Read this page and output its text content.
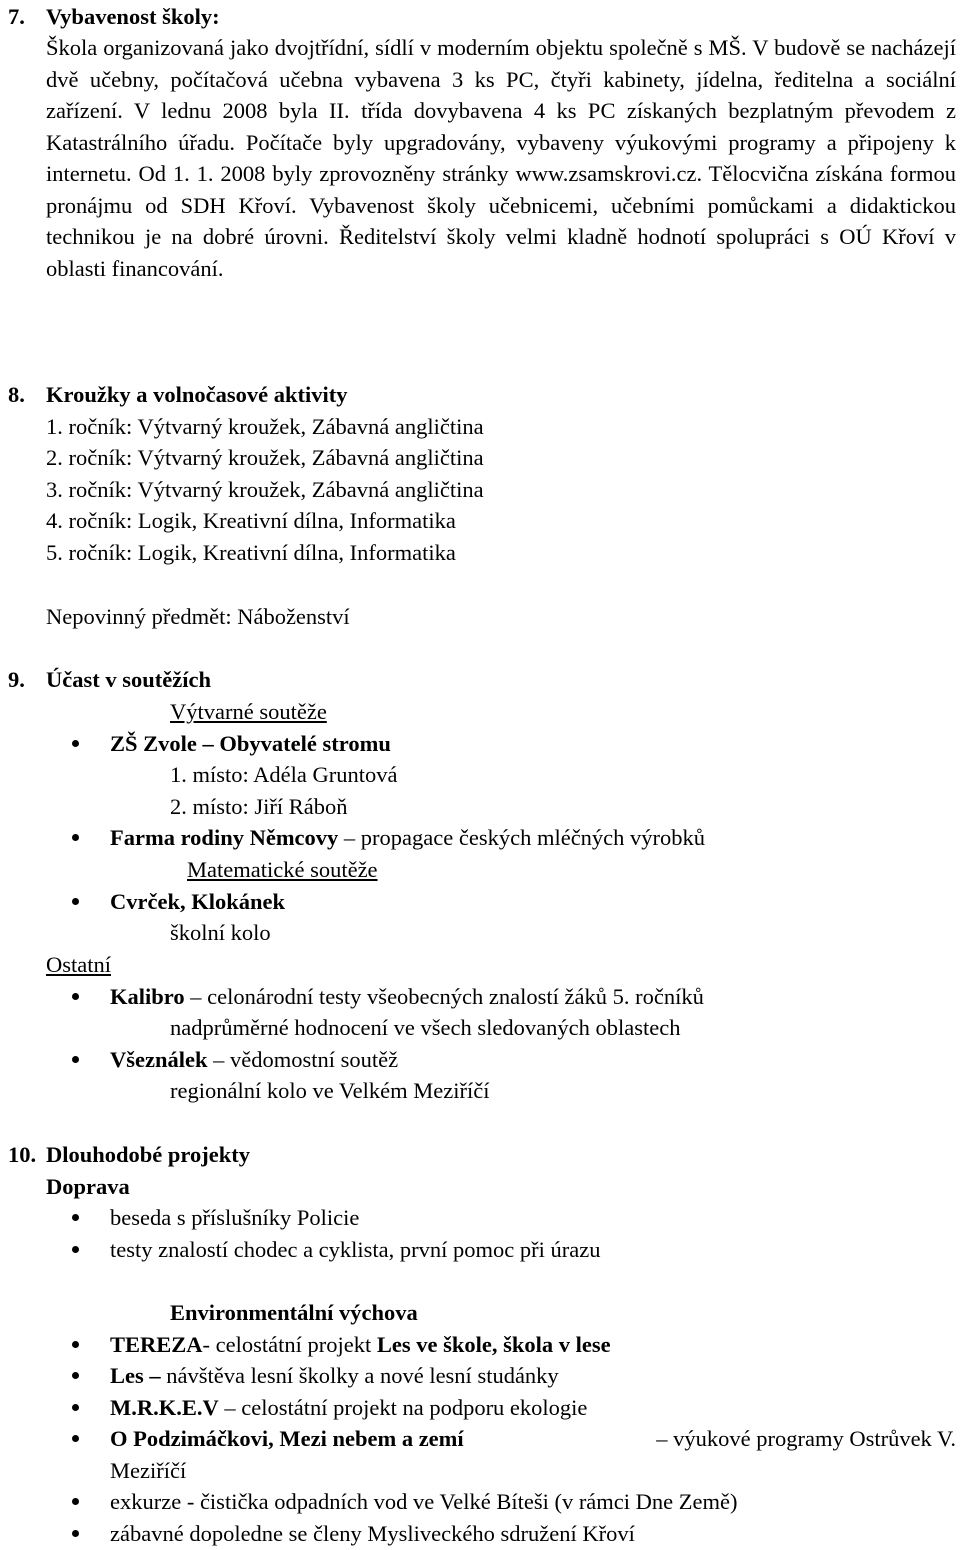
7. Vybavenost školy:
Škola organizovaná jako dvojtřídní, sídlí v moderním objektu společně s MŠ. V budově se nacházejí dvě učebny, počítačová učebna vybavena 3 ks PC, čtyři kabinety, jídelna, ředitelna a sociální zařízení. V lednu 2008 byla II. třída dovybavena 4 ks PC získaných bezplatným převodem z Katastrálního úřadu. Počítače byly upgradovány, vybaveny výukovými programy a připojeny k internetu. Od 1. 1. 2008 byly zprovozněny stránky www.zsamskrovi.cz. Tělocvična získána formou pronájmu od SDH Křoví. Vybavenost školy učebnicemi, učebními pomůckami a didaktickou technikou je na dobré úrovni. Ředitelství školy velmi kladně hodnotí spolupráci s OÚ Křoví v oblasti financování.
8. Kroužky a volnočasové aktivity
1. ročník: Výtvarný kroužek, Zábavná angličtina
2. ročník: Výtvarný kroužek, Zábavná angličtina
3. ročník: Výtvarný kroužek, Zábavná angličtina
4. ročník: Logik, Kreativní dílna, Informatika
5. ročník: Logik, Kreativní dílna, Informatika
Nepovinný předmět: Náboženství
9. Účast v soutěžích
Výtvarné soutěže
ZŠ Zvole – Obyvatelé stromu
1. místo: Adéla Gruntová
2. místo: Jiří Ráboň
Farma rodiny Němcovy – propagace českých mléčných výrobků
Matematické soutěže
Cvrček, Klokánek
školní kolo
Ostatní
Kalibro – celonárodní testy všeobecných znalostí žáků 5. ročníků
nadprůměrné hodnocení ve všech sledovaných oblastech
Všeználek – vědomostní soutěž
regionální kolo ve Velkém Meziříčí
10. Dlouhodobé projekty
Doprava
beseda s příslušníky Policie
testy znalostí chodec a cyklista, první pomoc při úrazu
Environmentální výchova
TEREZA- celostátní projekt Les ve škole, škola v lese
Les – návštěva lesní školky a nové lesní studánky
M.R.K.E.V – celostátní projekt na podporu ekologie
O Podzimáčkovi, Mezi nebem a zemí	– výukové programy Ostrůvek V.
Meziříčí
exkurze - čistička odpadních vod ve Velké Bíteši (v rámci Dne Země)
zábavné dopoledne se členy Mysliveckého sdružení Křoví
